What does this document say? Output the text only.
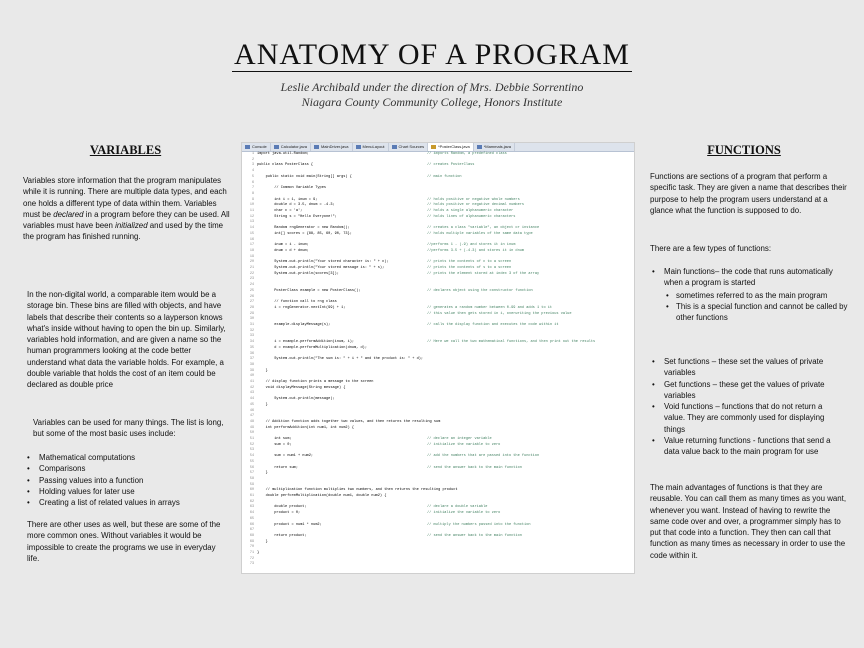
ANATOMY OF A PROGRAM
Leslie Archibald under the direction of Mrs. Debbie Sorrentino
Niagara County Community College, Honors Institute
VARIABLES
Variables store information that the program manipulates while it is running. There are multiple data types, and each one holds a different type of data within them. Variables must be declared in a program before they can be used. All variables must have been initialized and used by the time the program has finished running.
In the non-digital world, a comparable item would be a storage bin. These bins are filled with objects, and have labels that describe their contents so a layperson knows what's inside without having to open the bin up. Similarly, variables hold information, and are given a name so the human programmers looking at the code better understand what data the variable holds. For example, a double variable that holds the cost of an item could be declared as double price
Variables can be used for many things. The list is long, but some of the most basic uses include:
• Mathematical computations
• Comparisons
• Passing values into a function
• Holding values for later use
• Creating a list of related values in arrays
There are other uses as well, but these are some of the more common ones. Without variables it would be impossible to create the programs we use in everyday life.
Console	Calculator.java	MainDriver.java	MenuLayout	Chart Sources	*PosterClass.java	*Mammals.java
1 import java.util.Random;	// imports Random, a predefined class
2
3 public class PosterClass {	// creates PosterClass
4
5 public static void main(String[] args) {	// main function
6
7 // Common Variable Types
8
9 int i = 1, inum = 9;	// holds positive or negative whole numbers
10 double d = 3.5, dnum = -4.3;	// holds positive or negative decimal numbers
11 char c = 'a';	// holds a single alphanumeric character
12 String s = "Hello Everyone!";	// holds lines of alphanumeric characters
13
14 Random rngGenerator = new Random();	// creates a class "variable", an object or instance
15 int[] scores = {88, 85, 60, 90, 73};	// holds multiple variables of the same data type
16
17 inum = i - inum;	//performs 1 - (-9) and stores it in inum
18 dnum = d + dnum;	//performs 3.5 + (-4.3) and stores it in dnum
19
20 System.out.println("Your stored character is: " + c);	// prints the contents of c to a screen
21 System.out.println("Your stored message is: " + s);	// prints the contents of s to a screen
22 System.out.println(scores[3]);	// prints the element stored at index 3 of the array
23
24
25 PosterClass example = new PosterClass();	// declares object using the constructor function
26
27 // function call to rng class
28 i = rngGenerator.nextInt(99) + 1;	// generates a random number between 0-99 and adds 1 to it
29	// this value then gets stored in i, overwriting the previous value
30
31 example.displayMessage(s);	// calls the display function and executes the code within it
32
33
34 i = example.performAddition(inum, i);	// Here we call the two mathematical functions, and then print out the results
35 d = example.performMultiplication(dnum, d);
36
37 System.out.println("The sum is: " + i + " and the product is: " + d);
38
39 }
40
41 // display function prints a message to the screen
42 void displayMessage(String message) {
43
44 System.out.println(message);
45 }
46
47
48 // Addition function adds together two values, and then returns the resulting sum
49 int performAddition(int num1, int num2) {
50
51 int sum;	// declare an integer variable
52 sum = 0;	// initialize the variable to zero
53
54 sum = num1 + num2;	// add the numbers that are passed into the function
55
56 return sum;	// send the answer back to the main function
57 }
58
59
60 // multiplication function multiplies two numbers, and then returns the resulting product
61 double performMultiplication(double num1, double num2) {
62
63 double product;	// declare a double variable
64 product = 0;	// initialize the variable to zero
65
66 product = num1 * num2;	// multiply the numbers passed into the function
67
68 return product;	// send the answer back to the main function
69 }
70
71 }
72
73
FUNCTIONS
Functions are sections of a program that perform a specific task. They are given a name that describes their purpose to help the program users understand at a glance what the function is supposed to do.
There are a few types of functions:
• Main functions– the code that runs automatically when a program is started
• sometimes referred to as the main program
• This is a special function and cannot be called by other functions
• Set functions – these set the values of private variables
• Get functions – these get the values of private variables
• Void functions – functions that do not return a value. They are commonly used for displaying things
• Value returning functions - functions that send a data value back to the main program for use
The main advantages of functions is that they are reusable. You can call them as many times as you want, whenever you want. Instead of having to rewrite the same code over and over, a programmer simply has to put that code into a function. They then can call that function as many times as necessary in order to use the code within it.
